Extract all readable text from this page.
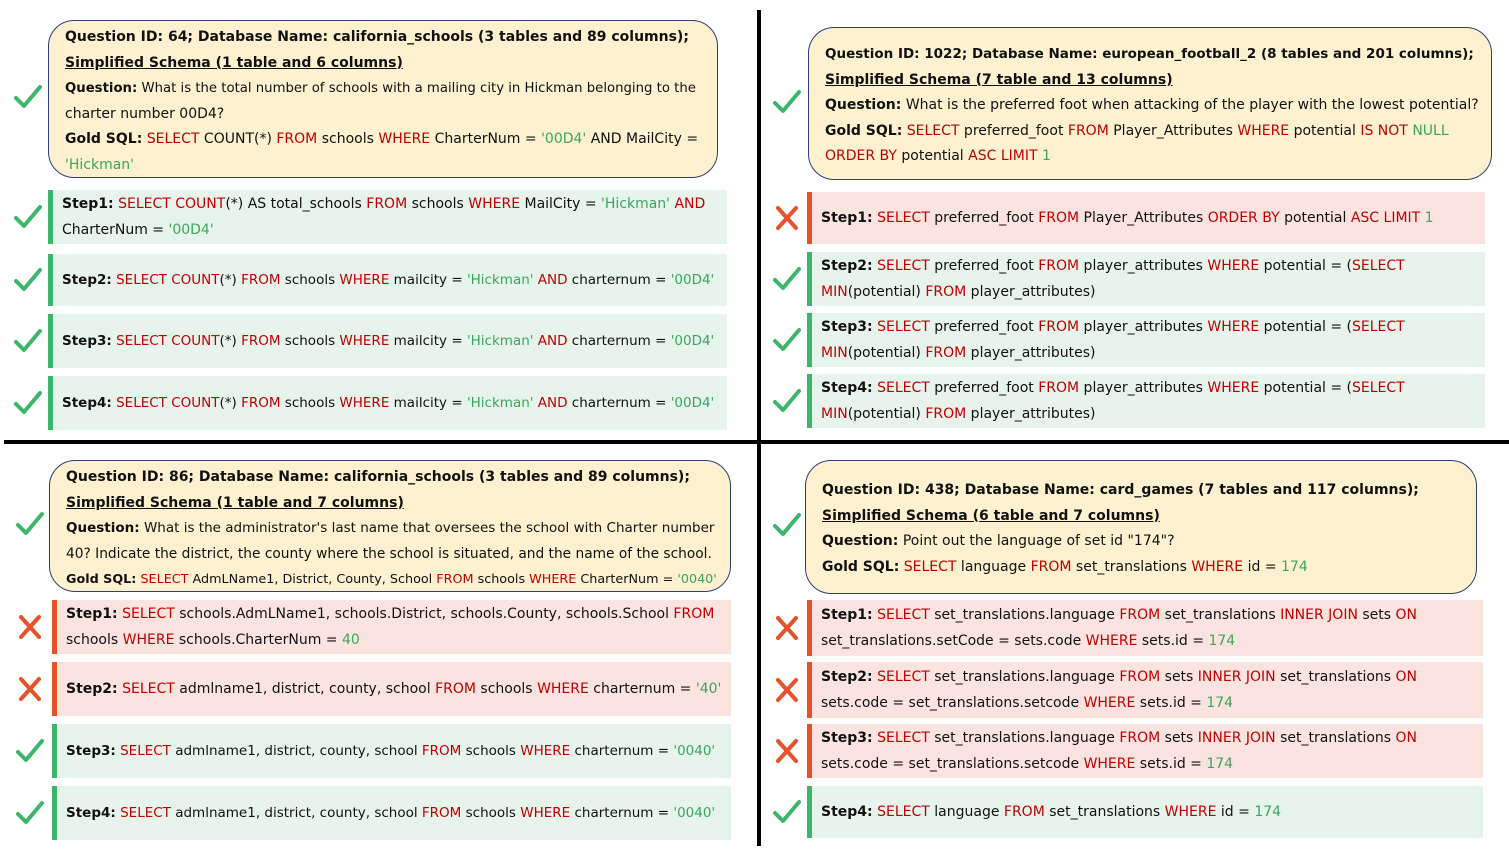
Question ID: 64; Database Name: california_schools (3 tables and 89 columns);
Simplified Schema (1 table and 6 columns)
Question: What is the total number of schools with a mailing city in Hickman belonging to the
charter number 00D4?
Gold SQL: SELECT COUNT(*) FROM schools WHERE CharterNum = '00D4' AND MailCity =
'Hickman'
Step1: SELECT COUNT(*) AS total_schools FROM schools WHERE MailCity = 'Hickman' AND
CharterNum = '00D4'
Step2: SELECT COUNT(*) FROM schools WHERE mailcity = 'Hickman' AND charternum = '00D4'
Step3: SELECT COUNT(*) FROM schools WHERE mailcity = 'Hickman' AND charternum = '00D4'
Step4: SELECT COUNT(*) FROM schools WHERE mailcity = 'Hickman' AND charternum = '00D4'
Question ID: 1022; Database Name: european_football_2 (8 tables and 201 columns);
Simplified Schema (7 table and 13 columns)
Question: What is the preferred foot when attacking of the player with the lowest potential?
Gold SQL: SELECT preferred_foot FROM Player_Attributes WHERE potential IS NOT NULL
ORDER BY potential ASC LIMIT 1
Step1: SELECT preferred_foot FROM Player_Attributes ORDER BY potential ASC LIMIT 1
Step2: SELECT preferred_foot FROM player_attributes WHERE potential = (SELECT
MIN(potential) FROM player_attributes)
Step3: SELECT preferred_foot FROM player_attributes WHERE potential = (SELECT
MIN(potential) FROM player_attributes)
Step4: SELECT preferred_foot FROM player_attributes WHERE potential = (SELECT
MIN(potential) FROM player_attributes)
Question ID: 86; Database Name: california_schools (3 tables and 89 columns);
Simplified Schema (1 table and 7 columns)
Question: What is the administrator's last name that oversees the school with Charter number
40? Indicate the district, the county where the school is situated, and the name of the school.
Gold SQL: SELECT AdmLName1, District, County, School FROM schools WHERE CharterNum = '0040'
Step1: SELECT schools.AdmLName1, schools.District, schools.County, schools.School FROM
schools WHERE schools.CharterNum = 40
Step2: SELECT admlname1, district, county, school FROM schools WHERE charternum = '40'
Step3: SELECT admlname1, district, county, school FROM schools WHERE charternum = '0040'
Step4: SELECT admlname1, district, county, school FROM schools WHERE charternum = '0040'
Question ID: 438; Database Name: card_games (7 tables and 117 columns);
Simplified Schema (6 table and 7 columns)
Question: Point out the language of set id "174"?
Gold SQL: SELECT language FROM set_translations WHERE id = 174
Step1: SELECT set_translations.language FROM set_translations INNER JOIN sets ON
set_translations.setCode = sets.code WHERE sets.id = 174
Step2: SELECT set_translations.language FROM sets INNER JOIN set_translations ON
sets.code = set_translations.setcode WHERE sets.id = 174
Step3: SELECT set_translations.language FROM sets INNER JOIN set_translations ON
sets.code = set_translations.setcode WHERE sets.id = 174
Step4: SELECT language FROM set_translations WHERE id = 174
